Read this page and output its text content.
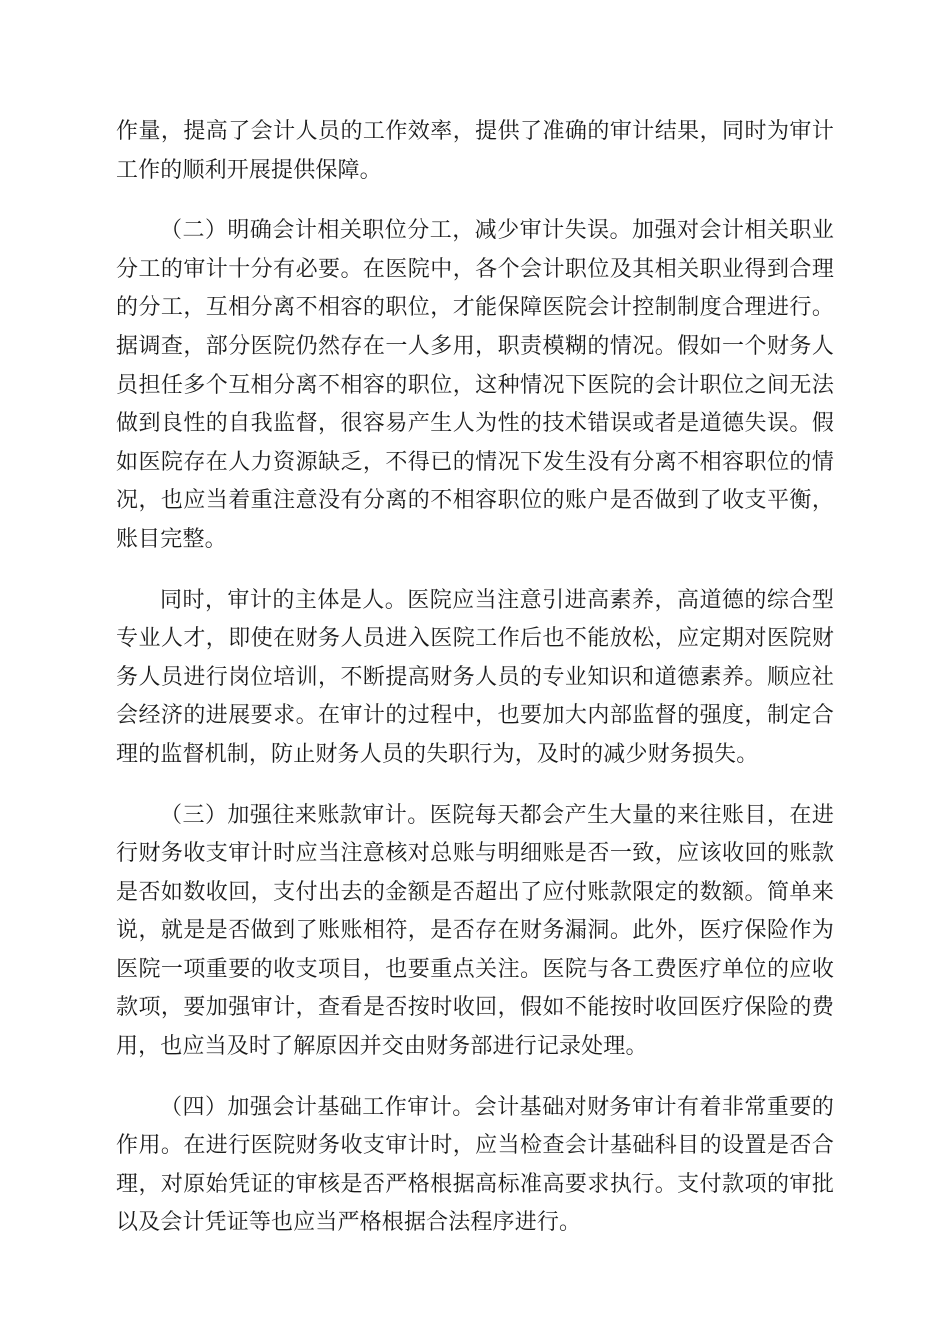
作量，提高了会计人员的工作效率，提供了准确的审计结果，同时为审计工作的顺利开展提供保障。

（二）明确会计相关职位分工，减少审计失误。加强对会计相关职业分工的审计十分有必要。在医院中，各个会计职位及其相关职业得到合理的分工，互相分离不相容的职位，才能保障医院会计控制制度合理进行。据调查，部分医院仍然存在一人多用，职责模糊的情况。假如一个财务人员担任多个互相分离不相容的职位，这种情况下医院的会计职位之间无法做到良性的自我监督，很容易产生人为性的技术错误或者是道德失误。假如医院存在人力资源缺乏，不得已的情况下发生没有分离不相容职位的情况，也应当着重注意没有分离的不相容职位的账户是否做到了收支平衡，账目完整。

同时，审计的主体是人。医院应当注意引进高素养，高道德的综合型专业人才，即使在财务人员进入医院工作后也不能放松，应定期对医院财务人员进行岗位培训，不断提高财务人员的专业知识和道德素养。顺应社会经济的进展要求。在审计的过程中，也要加大内部监督的强度，制定合理的监督机制，防止财务人员的失职行为，及时的减少财务损失。

（三）加强往来账款审计。医院每天都会产生大量的来往账目，在进行财务收支审计时应当注意核对总账与明细账是否一致，应该收回的账款是否如数收回，支付出去的金额是否超出了应付账款限定的数额。简单来说，就是是否做到了账账相符，是否存在财务漏洞。此外，医疗保险作为医院一项重要的收支项目，也要重点关注。医院与各工费医疗单位的应收款项，要加强审计，查看是否按时收回，假如不能按时收回医疗保险的费用，也应当及时了解原因并交由财务部进行记录处理。

（四）加强会计基础工作审计。会计基础对财务审计有着非常重要的作用。在进行医院财务收支审计时，应当检查会计基础科目的设置是否合理，对原始凭证的审核是否严格根据高标准高要求执行。支付款项的审批以及会计凭证等也应当严格根据合法程序进行。
